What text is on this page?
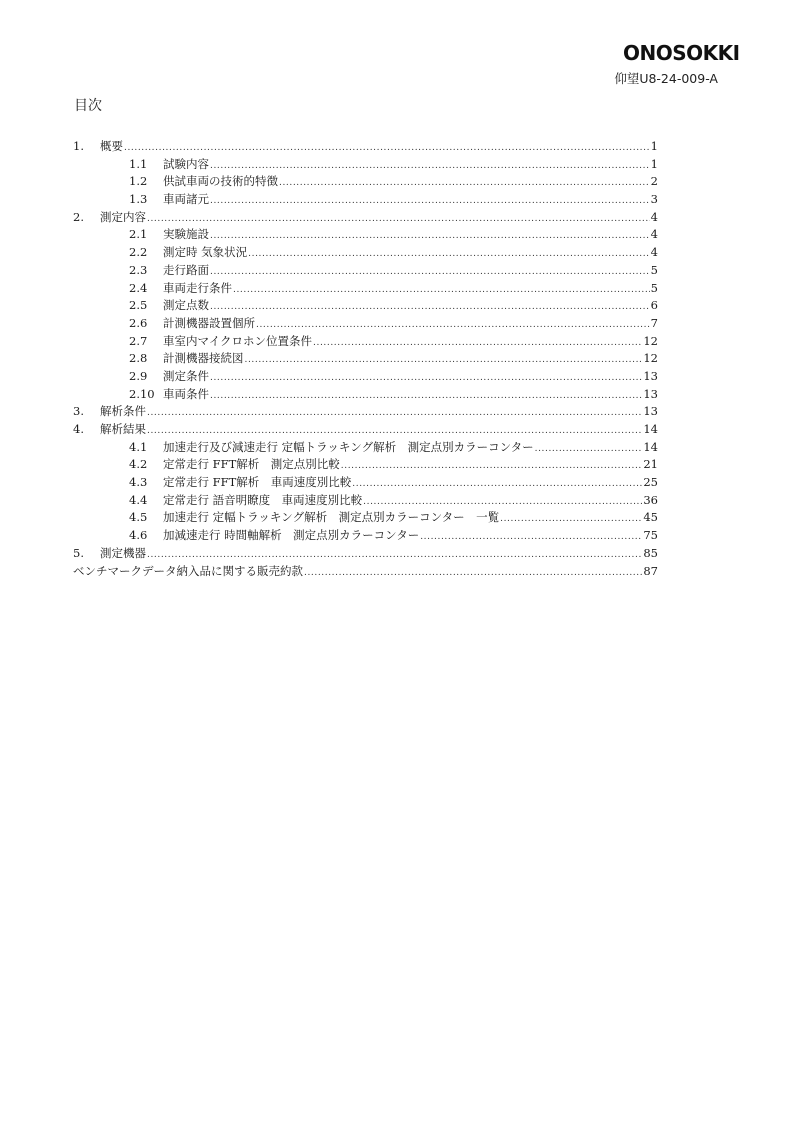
ONOSOKKI
仰望U8-24-009-A
目次
1.	概要 .....	1
1.1	試験内容 .....	1
1.2	供試車両の技術的特徴 .....	2
1.3	車両諸元 .....	3
2.	測定内容 .....	4
2.1	実験施設 .....	4
2.2	測定時 気象状況 .....	4
2.3	走行路面 .....	5
2.4	車両走行条件 .....	5
2.5	測定点数 .....	6
2.6	計測機器設置個所 .....	7
2.7	車室内マイクロホン位置条件 .....	12
2.8	計測機器接続図 .....	12
2.9	測定条件 .....	13
2.10 車両条件 .....	13
3.	解析条件 .....	13
4.	解析結果 .....	14
4.1	加速走行及び減速走行 定幅トラッキング解析　測定点別カラーコンター .....	14
4.2	定常走行 FFT解析　測定点別比較 .....	21
4.3	定常走行 FFT解析　車両速度別比較 .....	25
4.4	定常走行 語音明瞭度　車両速度別比較 .....	36
4.5	加速走行 定幅トラッキング解析　測定点別カラーコンター　一覧 .....	45
4.6	加減速走行 時間軸解析　測定点別カラーコンター .....	75
5.	測定機器 .....	85
ベンチマークデータ納入品に関する販売約款 .....	87
